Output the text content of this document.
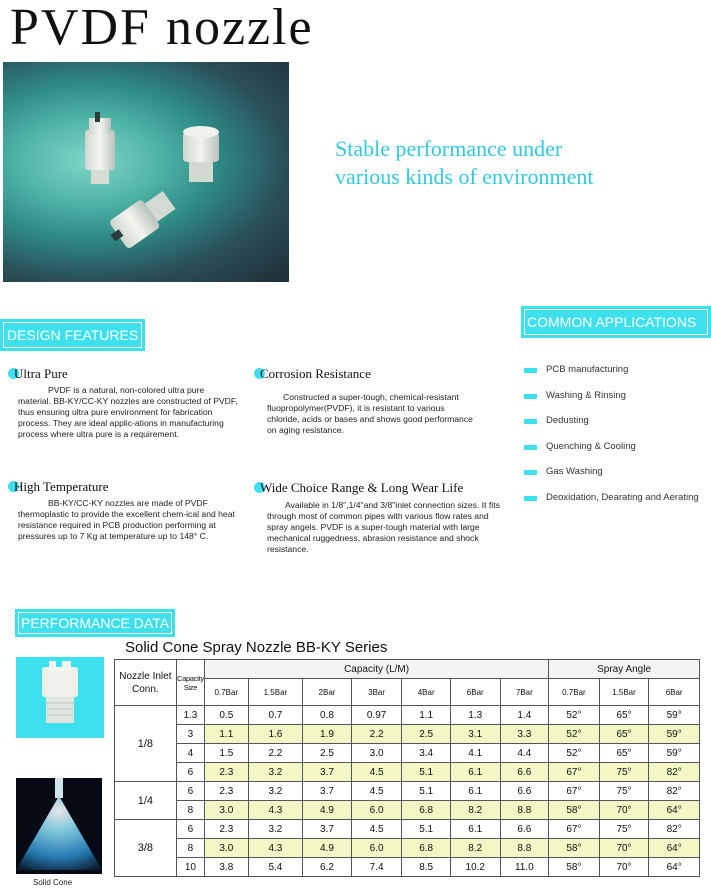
PVDF nozzle
Stable performance under
various kinds of environment
DESIGN FEATURES
COMMON APPLICATIONS
Ultra Pure
PVDF is a natural, non-colored ultra pure material. BB-KY/CC-KY nozzles are constructed of PVDF, thus ensuring ultra pure environment for fabrication process. They are ideal applic-ations in manufacturing process where ultra pure is a requirement.
Corrosion Resistance
Constructed a super-tough, chemical-resistant fluopropolymer(PVDF), it is resistant to various chloride, acids or bases and shows good performance on aging resistance.
High Temperature
BB-KY/CC-KY nozzles are made of PVDF thermoplastic to provide the excellent chem-ical and heat resistance required in PCB production performing at pressures up to 7 Kg at temperature up to 148° C.
Wide Choice Range & Long Wear Life
Available in 1/8",1/4"and 3/8"inlet connection sizes. It fits through most of common pipes with various flow rates and spray angels. PVDF is a super-tough material with large mechanical ruggedness, abrasion resistance and shock resistance.
PCB manufacturing
Washing & Rinsing
Dedusting
Quenching & Cooling
Gas Washing
Deoxidation, Dearating and Aerating
PERFORMANCE DATA
Solid Cone
Solid Cone Spray Nozzle BB-KY Series
Nozzle Inlet Conn.	Capacity Size	Capacity (L/M)							Spray Angle		
		0.7Bar	1.5Bar	2Bar	3Bar	4Bar	6Bar	7Bar	0.7Bar	1.5Bar	6Bar
1/8	1.3	0.5	0.7	0.8	0.97	1.1	1.3	1.4	52°	65°	59°
	3	1.1	1.6	1.9	2.2	2.5	3.1	3.3	52°	65°	59°
	4	1.5	2.2	2.5	3.0	3.4	4.1	4.4	52°	65°	59°
	6	2.3	3.2	3.7	4.5	5.1	6.1	6.6	67°	75°	82°
1/4	6	2.3	3.2	3.7	4.5	5.1	6.1	6.6	67°	75°	82°
	8	3.0	4.3	4.9	6.0	6.8	8.2	8.8	58°	70°	64°
3/8	6	2.3	3.2	3.7	4.5	5.1	6.1	6.6	67°	75°	82°
	8	3.0	4.3	4.9	6.0	6.8	8.2	8.8	58°	70°	64°
	10	3.8	5.4	6.2	7.4	8.5	10.2	11.0	58°	70°	64°
